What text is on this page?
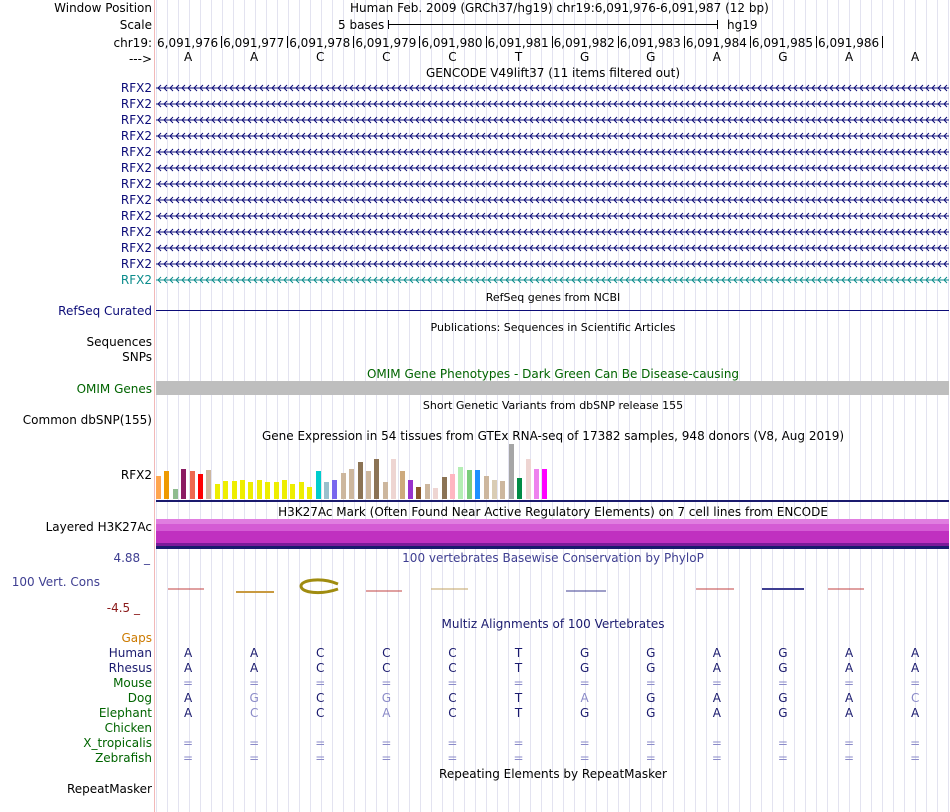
Window Position	Human Feb. 2009 (GRCh37/hg19) chr19:6,091,976-6,091,987 (12 bp)
Scale	5 bases	hg19
chr19: 6,091,976 6,091,977 6,091,978 6,091,979 6,091,980 6,091,981 6,091,982 6,091,983 6,091,984 6,091,985 6,091,986
--->	A	A	C	C	C	T	G	G	A	G	A	A
GENCODE V49lift37 (11 items filtered out)
RFX2
RFX2
RFX2
RFX2
RFX2
RFX2
RFX2
RFX2
RFX2
RFX2
RFX2
RFX2
RFX2
RefSeq genes from NCBI
RefSeq Curated
Publications: Sequences in Scientific Articles
Sequences
SNPs
OMIM Gene Phenotypes - Dark Green Can Be Disease-causing
OMIM Genes
Short Genetic Variants from dbSNP release 155
Common dbSNP(155)
Gene Expression in 54 tissues from GTEx RNA-seq of 17382 samples, 948 donors (V8, Aug 2019)
RFX2
H3K27Ac Mark (Often Found Near Active Regulatory Elements) on 7 cell lines from ENCODE
Layered H3K27Ac
100 vertebrates Basewise Conservation by PhyloP
4.88 _
100 Vert. Cons
-4.5 _
Multiz Alignments of 100 Vertebrates
Gaps
Human	A	A	C	C	C	T	G	G	A	G	A	A
Rhesus	A	A	C	C	C	T	G	G	A	G	A	A
Mouse	=	=	=	=	=	=	=	=	=	=	=	=
Dog	A	G	C	G	C	T	A	G	A	G	A	C
Elephant	A	C	C	A	C	T	G	G	A	G	A	A
Chicken
X_tropicalis	=	=	=	=	=	=	=	=	=	=	=	=
Zebrafish	=	=	=	=	=	=	=	=	=	=	=	=
Repeating Elements by RepeatMasker
RepeatMasker
